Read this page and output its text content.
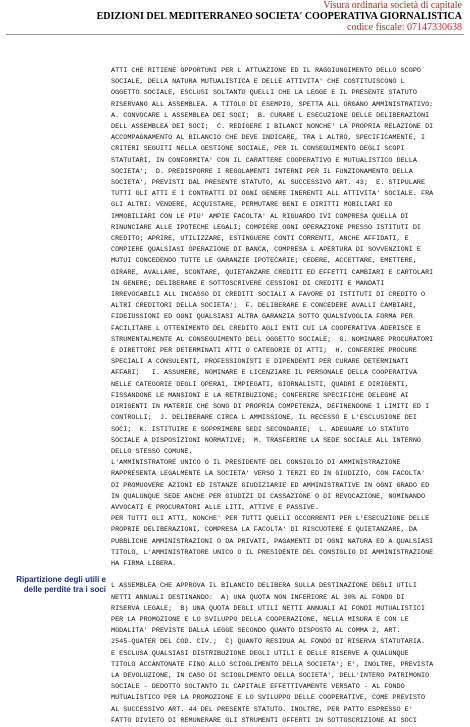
Visura ordinaria società di capitale
EDIZIONI DEL MEDITERRANEO SOCIETA' COOPERATIVA GIORNALISTICA
codice fiscale: 07147330638
Ripartizione degli utili e
delle perdite tra i soci
ATTI CHE RITIENE OPPORTUNI PER L ATTUAZIONE ED IL RAGGIUNGIMENTO DELLO SCOPO
SOCIALE, DELLA NATURA MUTUALISTICA E DELLE ATTIVITA' CHE COSTITUISCONO L
OGGETTO SOCIALE, ESCLUSI SOLTANTO QUELLI CHE LA LEGGE E IL PRESENTE STATUTO
RISERVANO ALL ASSEMBLEA. A TITOLO DI ESEMPIO, SPETTA ALL ORGANO AMMINISTRATIVO:
A. CONVOCARE L ASSEMBLEA DEI SOCI;  B. CURARE L ESECUZIONE DELLE DELIBERAZIONI
DELL ASSEMBLEA DEI SOCI;  C. REDIGERE I BILANCI NONCHE' LA PROPRIA RELAZIONE DI
ACCOMPAGNAMENTO AL BILANCIO CHE DEVE INDICARE, TRA L ALTRO, SPECIFICAMENTE, I
CRITERI SEGUITI NELLA GESTIONE SOCIALE, PER IL CONSEGUIMENTO DEGLI SCOPI
STATUTARI, IN CONFORMITA' CON IL CARATTERE COOPERATIVO E MUTUALISTICO DELLA
SOCIETA';  D. PREDISPORRE I REGOLAMENTI INTERNI PER IL FUNZIONAMENTO DELLA
SOCIETA', PREVISTI DAL PRESENTE STATUTO, AL SUCCESSIVO ART. 43;  E. STIPULARE
TUTTI GLI ATTI E I CONTRATTI DI OGNI GENERE INERENTI ALL ATTIVITA' SOCIALE. FRA
GLI ALTRI: VENDERE, ACQUISTARE, PERMUTARE BENI E DIRITTI MOBILIARI ED
IMMOBILIARI CON LE PIU' AMPIE FACOLTA' AL RIGUARDO IVI COMPRESA QUELLA DI
RINUNCIARE ALLE IPOTECHE LEGALI; COMPIERE OGNI OPERAZIONE PRESSO ISTITUTI DI
CREDITO; APRIRE, UTILIZZARE, ESTINGUERE CONTI CORRENTI, ANCHE AFFIDATI, E
COMPIERE QUALSIASI OPERAZIONE DI BANCA, COMPRESA L APERTURA DI SOVVENZIONI E
MUTUI CONCEDENDO TUTTE LE GARANZIE IPOTECARIE; CEDERE, ACCETTARE, EMETTERE,
GIRARE, AVALLARE, SCONTARE, QUIETANZARE CREDITI ED EFFETTI CAMBIARI E CARTOLARI
IN GENERE; DELIBERARE E SOTTOSCRIVERE CESSIONI DI CREDITI E MANDATI
IRREVOCABILI ALL INCASSO DI CREDITI SOCIALI A FAVORE DI ISTITUTI DI CREDITO O
ALTRI CREDITORI DELLA SOCIETA';  F. DELIBERARE E CONCEDERE AVALLI CAMBIARI,
FIDEIUSSIONI ED OGNI QUALSIASI ALTRA GARANZIA SOTTO QUALSIVOGLIA FORMA PER
FACILITARE L OTTENIMENTO DEL CREDITO AGLI ENTI CUI LA COOPERATIVA ADERISCE E
STRUMENTALMENTE AL CONSEGUIMENTO DELL OGGETTO SOCIALE;  G. NOMINARE PROCURATORI
E DIRETTORI PER DETERMINATI ATTI O CATEGORIE DI ATTI;  H. CONFERIRE PROCURE
SPECIALI A CONSULENTI, PROFESSIONISTI E DIPENDENTI PER CURARE DETERMINATI
AFFARI;   I. ASSUMERE, NOMINARE E LICENZIARE IL PERSONALE DELLA COOPERATIVA
NELLE CATEGORIE DEGLI OPERAI, IMPIEGATI, GIORNALISTI, QUADRI E DIRIGENTI,
FISSANDONE LE MANSIONI E LA RETRIBUZIONE; CONFERIRE SPECIFICHE DELEGHE AI
DIRIGENTI IN MATERIE CHE SONO DI PROPRIA COMPETENZA, DEFINENDONE I LIMITI ED I
CONTROLLI;  J. DELIBERARE CIRCA L AMMISSIONE, IL RECESSO E L'ESCLUSIONE DEI
SOCI;  K. ISTITUIRE E SOPPRIMERE SEDI SECONDARIE;  L. ADEGUARE LO STATUTO
SOCIALE A DISPOSIZIONI NORMATIVE;  M. TRASFERIRE LA SEDE SOCIALE ALL INTERNO
DELLO STESSO COMUNE.
L'AMMINISTRATORE UNICO O IL PRESIDENTE DEL CONSIGLIO DI AMMINISTRAZIONE
RAPPRESENTA LEGALMENTE LA SOCIETA' VERSO I TERZI ED IN GIUDIZIO, CON FACOLTA'
DI PROMUOVERE AZIONI ED ISTANZE GIUDIZIARIE ED AMMINISTRATIVE IN OGNI GRADO ED
IN QUALUNQUE SEDE ANCHE PER GIUDIZI DI CASSAZIONE O DI REVOCAZIONE, NOMINANDO
AVVOCATI E PROCURATORI ALLE LITI, ATTIVE E PASSIVE.
PER TUTTI GLI ATTI, NONCHE' PER TUTTI QUELLI OCCORRENTI PER L'ESECUZIONE DELLE
PROPRIE DELIBERAZIONI, COMPRESA LA FACOLTA' DI RISCUOTERE E QUIETANZARE, DA
PUBBLICHE AMMINISTRAZIONI O DA PRIVATI, PAGAMENTI DI OGNI NATURA ED A QUALSIASI
TITOLO, L'AMMINISTRATORE UNICO O IL PRESIDENTE DEL CONSIGLIO DI AMMINISTRAZIONE
HA FIRMA LIBERA.
L ASSEMBLEA CHE APPROVA IL BILANCIO DELIBERA SULLA DESTINAZIONE DEGLI UTILI
NETTI ANNUALI DESTINANDO:  A) UNA QUOTA NON INFERIORE AL 30% AL FONDO DI
RISERVA LEGALE;  B) UNA QUOTA DEGLI UTILI NETTI ANNUALI AI FONDI MUTUALISTICI
PER LA PROMOZIONE E LO SVILUPPO DELLA COOPERAZIONE, NELLA MISURA E CON LE
MODALITA' PREVISTE DALLA LEGGE SECONDO QUANTO DISPOSTO AL COMMA 2, ART.
2545-QUATER DEL COD. CIV.;  C) QUANTO RESIDUA AL FONDO DI RISERVA STATUTARIA.
E ESCLUSA QUALSIASI DISTRIBUZIONE DEGLI UTILI E DELLE RISERVE A QUALUNQUE
TITOLO ACCANTONATE FINO ALLO SCIOGLIMENTO DELLA SOCIETA'; E', INOLTRE, PREVISTA
LA DEVOLUZIONE, IN CASO DI SCIOGLIMENTO DELLA SOCIETA', DELL'INTERO PATRIMONIO
SOCIALE - DEDOTTO SOLTANTO IL CAPITALE EFFETTIVAMENTE VERSATO - AL FONDO
MUTUALISTICO PER LA PROMOZIONE E LO SVILUPPO DELLE COOPERATIVE, COME PREVISTO
AL SUCCESSIVO ART. 44 DEL PRESENTE STATUTO. INOLTRE, PER PATTO ESPRESSO E'
FATTO DIVIETO DI REMUNERARE GLI STRUMENTI OFFERTI IN SOTTOSCRIZIONE AI SOCI
